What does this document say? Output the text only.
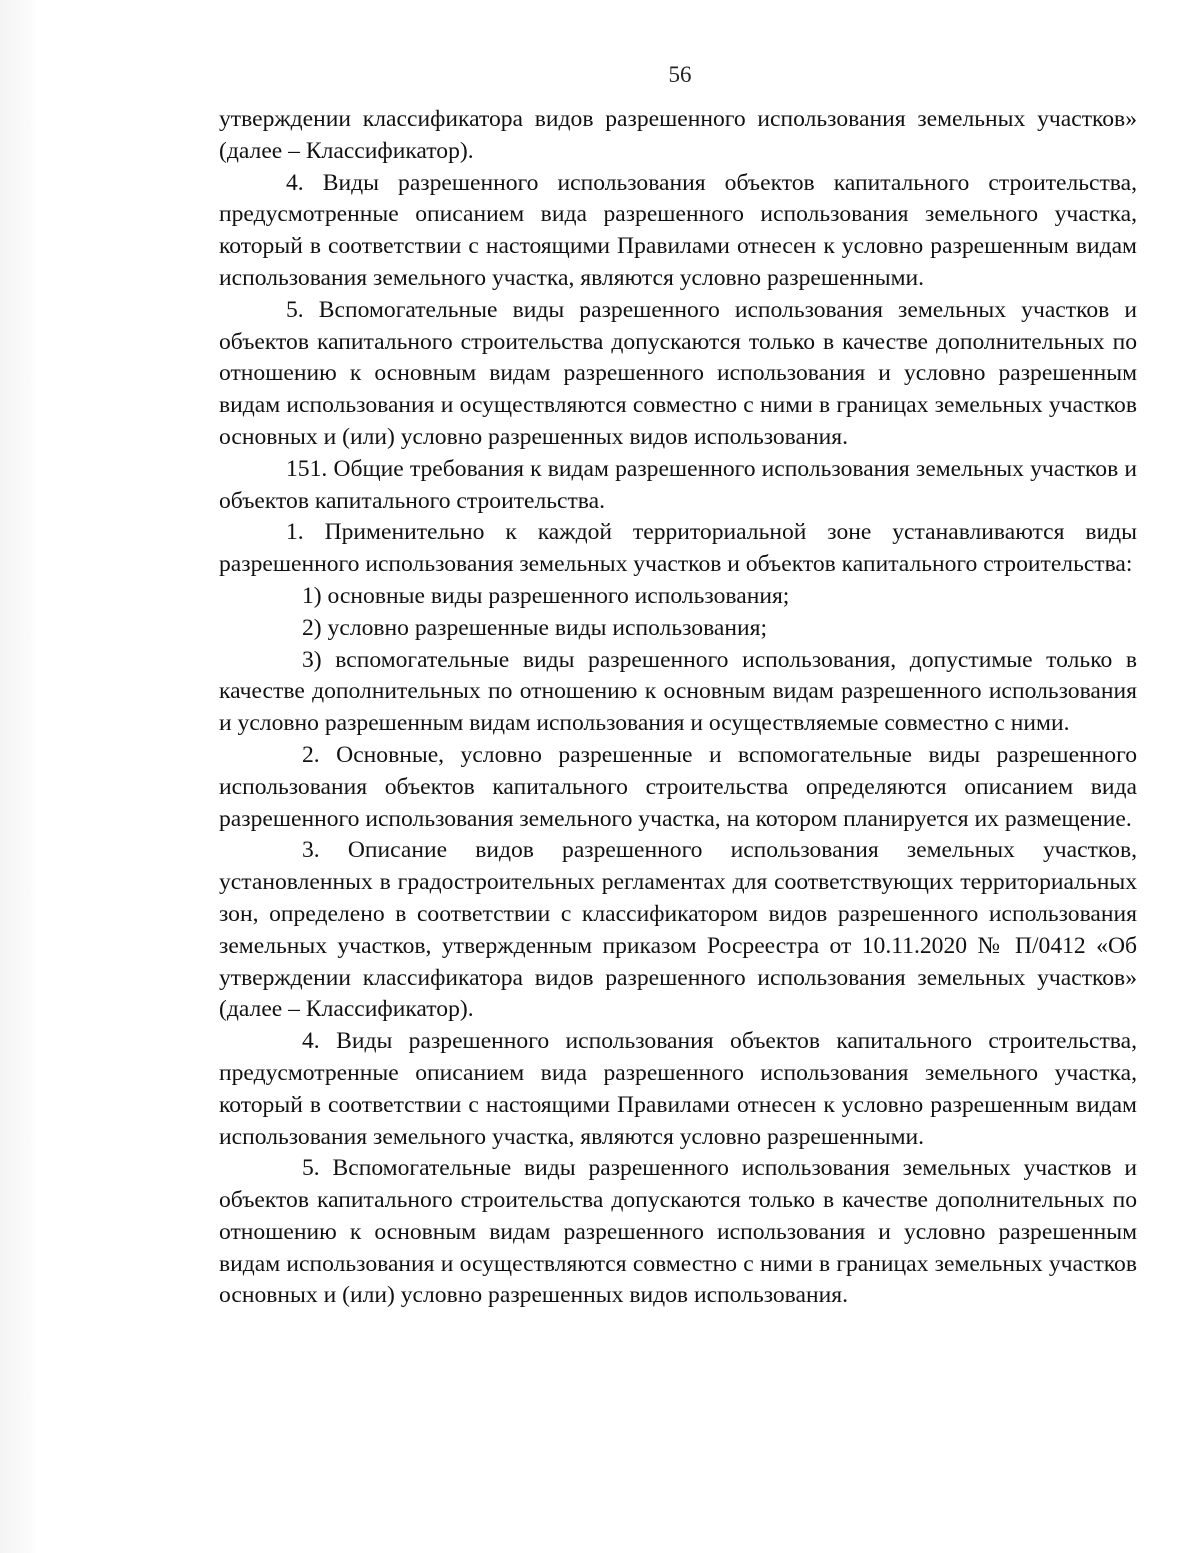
56

утверждении классификатора видов разрешенного использования земельных участков» (далее – Классификатор).

4. Виды разрешенного использования объектов капитального строительства, предусмотренные описанием вида разрешенного использования земельного участка, который в соответствии с настоящими Правилами отнесен к условно разрешенным видам использования земельного участка, являются условно разрешенными.

5. Вспомогательные виды разрешенного использования земельных участков и объектов капитального строительства допускаются только в качестве дополнительных по отношению к основным видам разрешенного использования и условно разрешенным видам использования и осуществляются совместно с ними в границах земельных участков основных и (или) условно разрешенных видов использования.

151. Общие требования к видам разрешенного использования земельных участков и объектов капитального строительства.

1. Применительно к каждой территориальной зоне устанавливаются виды разрешенного использования земельных участков и объектов капитального строительства:

1) основные виды разрешенного использования;

2) условно разрешенные виды использования;

3) вспомогательные виды разрешенного использования, допустимые только в качестве дополнительных по отношению к основным видам разрешенного использования и условно разрешенным видам использования и осуществляемые совместно с ними.

2. Основные, условно разрешенные и вспомогательные виды разрешенного использования объектов капитального строительства определяются описанием вида разрешенного использования земельного участка, на котором планируется их размещение.

3. Описание видов разрешенного использования земельных участков, установленных в градостроительных регламентах для соответствующих территориальных зон, определено в соответствии с классификатором видов разрешенного использования земельных участков, утвержденным приказом Росреестра от 10.11.2020 № П/0412 «Об утверждении классификатора видов разрешенного использования земельных участков» (далее – Классификатор).

4. Виды разрешенного использования объектов капитального строительства, предусмотренные описанием вида разрешенного использования земельного участка, который в соответствии с настоящими Правилами отнесен к условно разрешенным видам использования земельного участка, являются условно разрешенными.

5. Вспомогательные виды разрешенного использования земельных участков и объектов капитального строительства допускаются только в качестве дополнительных по отношению к основным видам разрешенного использования и условно разрешенным видам использования и осуществляются совместно с ними в границах земельных участков основных и (или) условно разрешенных видов использования.
